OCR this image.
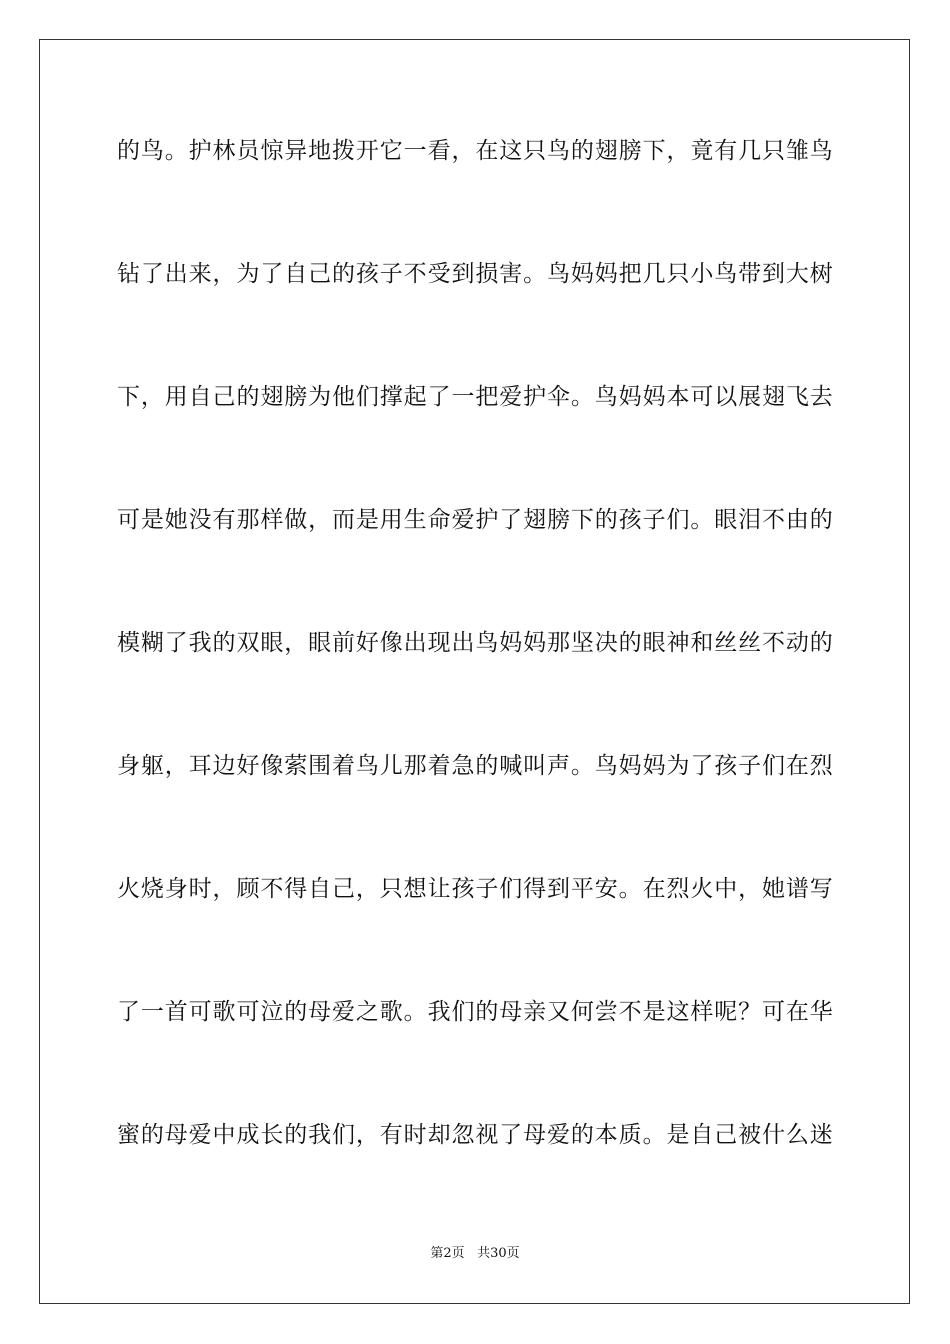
的鸟。护林员惊异地拨开它一看，在这只鸟的翅膀下，竟有几只雏鸟
钻了出来，为了自己的孩子不受到损害。鸟妈妈把几只小鸟带到大树
下，用自己的翅膀为他们撑起了一把爱护伞。鸟妈妈本可以展翅飞去
可是她没有那样做，而是用生命爱护了翅膀下的孩子们。眼泪不由的
模糊了我的双眼，眼前好像出现出鸟妈妈那坚决的眼神和丝丝不动的
身躯，耳边好像萦围着鸟儿那着急的喊叫声。鸟妈妈为了孩子们在烈
火烧身时，顾不得自己，只想让孩子们得到平安。在烈火中，她谱写
了一首可歌可泣的母爱之歌。我们的母亲又何尝不是这样呢？可在华
蜜的母爱中成长的我们，有时却忽视了母爱的本质。是自己被什么迷
第2页 共30页
